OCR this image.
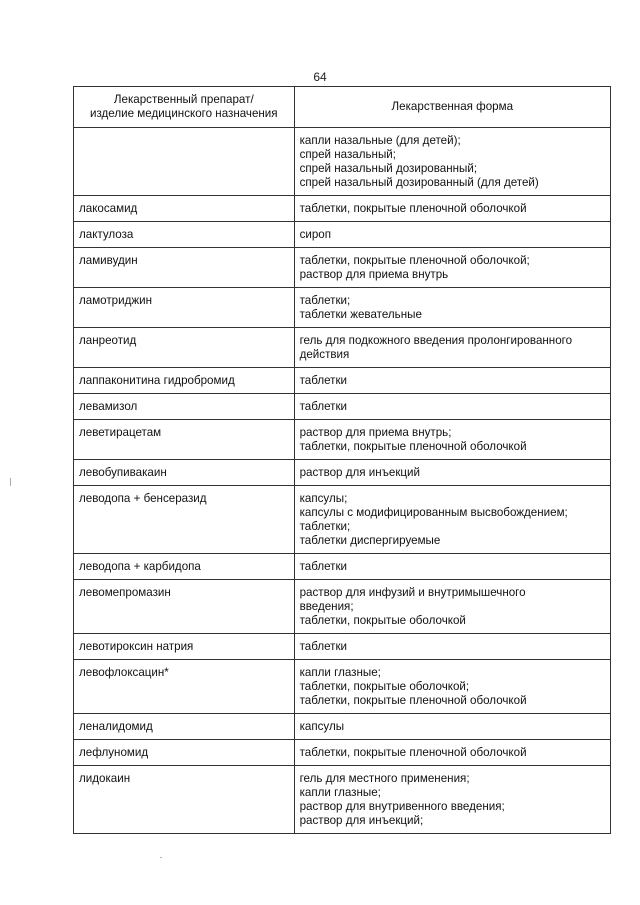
64
Лекарственный препарат/
изделие медицинского назначения	Лекарственная форма

	капли назальные (для детей);
спрей назальный;
спрей назальный дозированный;
спрей назальный дозированный (для детей)

лакосамид	таблетки, покрытые пленочной оболочкой

лактулоза	сироп

ламивудин	таблетки, покрытые пленочной оболочкой;
раствор для приема внутрь

ламотриджин	таблетки;
таблетки жевательные

ланреотид	гель для подкожного введения пролонгированного
действия

лаппаконитина гидробромид	таблетки

левамизол	таблетки

леветирацетам	раствор для приема внутрь;
таблетки, покрытые пленочной оболочкой

левобупивакаин	раствор для инъекций

леводопа + бенсеразид	капсулы;
капсулы с модифицированным высвобождением;
таблетки;
таблетки диспергируемые

леводопа + карбидопа	таблетки

левомепромазин	раствор для инфузий и внутримышечного
введения;
таблетки, покрытые оболочкой

левотироксин натрия	таблетки

левофлоксацин*	капли глазные;
таблетки, покрытые оболочкой;
таблетки, покрытые пленочной оболочкой

леналидомид	капсулы

лефлуномид	таблетки, покрытые пленочной оболочкой

лидокаин	гель для местного применения;
капли глазные;
раствор для внутривенного введения;
раствор для инъекций;
